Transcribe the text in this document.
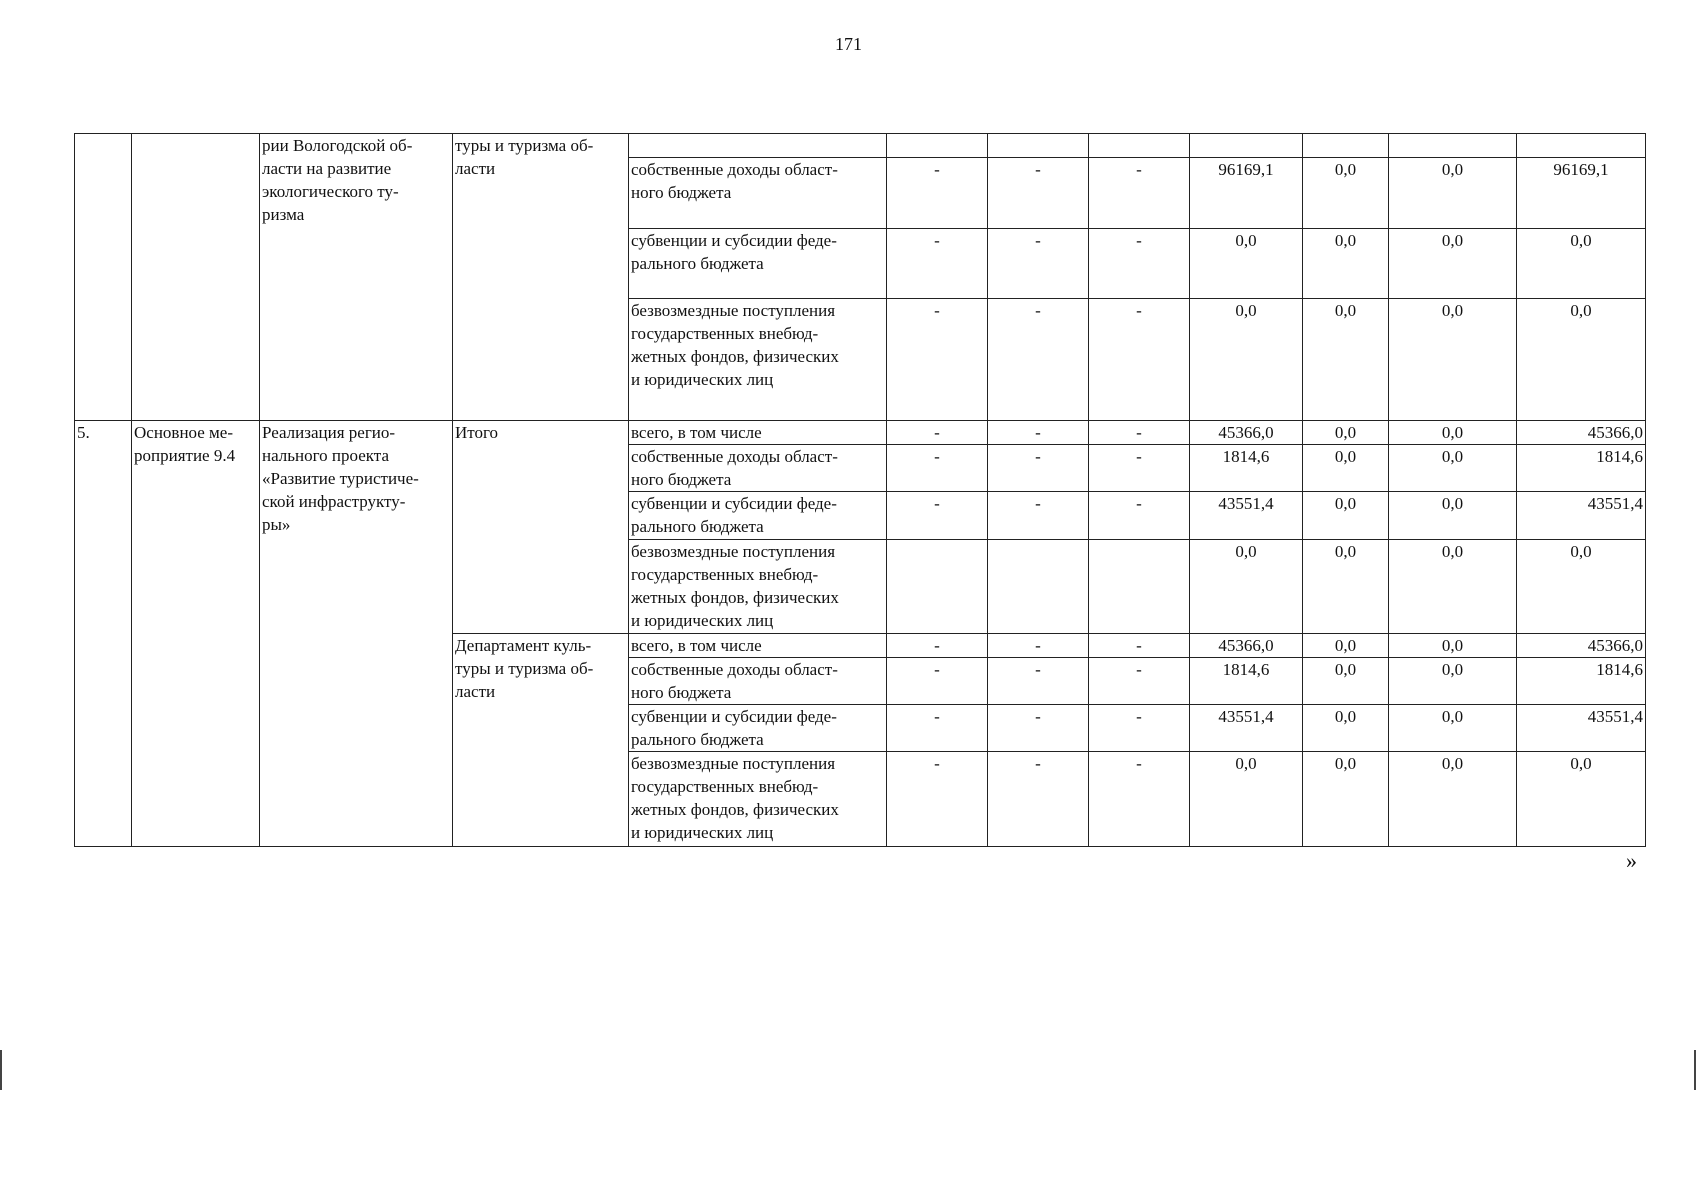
171
		рии Вологодской об-
ласти на развитие
экологического ту-
ризма	туры и туризма об-
ласти								
				собственные доходы област-
ного бюджета	-	-	-	96169,1	0,0	0,0	96169,1
				субвенции и субсидии феде-
рального бюджета	-	-	-	0,0	0,0	0,0	0,0
				безвозмездные поступления
государственных внебюд-
жетных фондов, физических
и юридических лиц	-	-	-	0,0	0,0	0,0	0,0
5.	Основное ме-
роприятие 9.4	Реализация регио-
нального проекта
«Развитие туристиче-
ской инфраструкту-
ры»	Итого	всего, в том числе	-	-	-	45366,0	0,0	0,0	45366,0
				собственные доходы област-
ного бюджета	-	-	-	1814,6	0,0	0,0	1814,6
				субвенции и субсидии феде-
рального бюджета	-	-	-	43551,4	0,0	0,0	43551,4
				безвозмездные поступления
государственных внебюд-
жетных фондов, физических
и юридических лиц				0,0	0,0	0,0	0,0
			Департамент куль-
туры и туризма об-
ласти	всего, в том числе	-	-	-	45366,0	0,0	0,0	45366,0
				собственные доходы област-
ного бюджета	-	-	-	1814,6	0,0	0,0	1814,6
				субвенции и субсидии феде-
рального бюджета	-	-	-	43551,4	0,0	0,0	43551,4
				безвозмездные поступления
государственных внебюд-
жетных фондов, физических
и юридических лиц	-	-	-	0,0	0,0	0,0	0,0
»
